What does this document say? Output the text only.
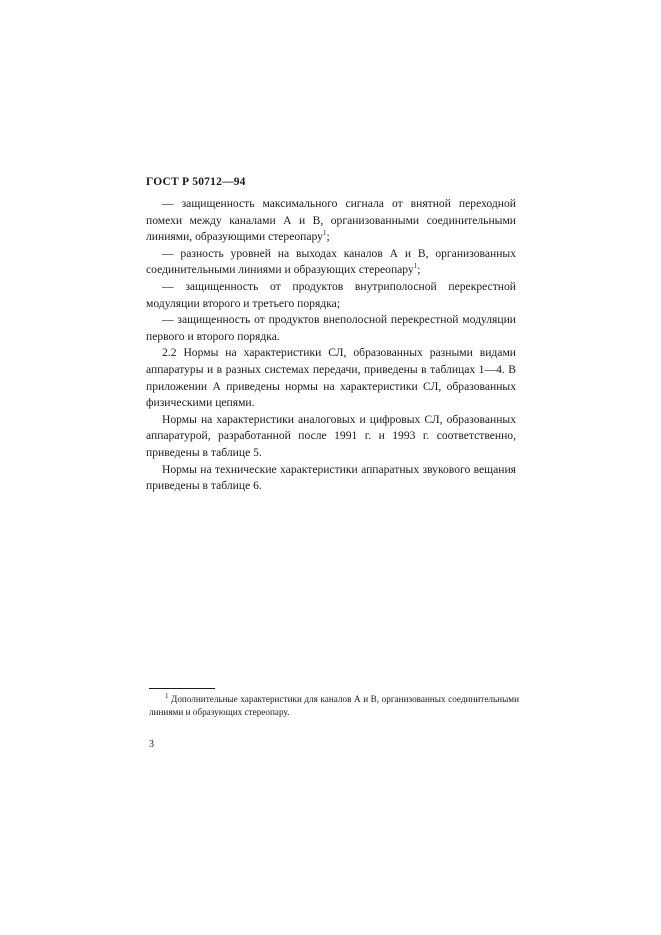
ГОСТ Р 50712—94

— защищенность максимального сигнала от внятной переходной помехи между каналами А и В, организованными соединительными линиями, образующими стереопару$^1$;

— разность уровней на выходах каналов А и В, организованных соединительными линиями и образующих стереопару$^1$;

— защищенность от продуктов внутриполосной перекрестной модуляции второго и третьего порядка;

— защищенность от продуктов внеполосной перекрестной модуляции первого и второго порядка.

2.2 Нормы на характеристики СЛ, образованных разными видами аппаратуры и в разных системах передачи, приведены в таблицах 1—4. В приложении А приведены нормы на характеристики СЛ, образованных физическими цепями.

Нормы на характеристики аналоговых и цифровых СЛ, образованных аппаратурой, разработанной после 1991 г. и 1993 г. соответственно, приведены в таблице 5.

Нормы на технические характеристики аппаратных звукового вещания приведены в таблице 6.

$^1$ Дополнительные характеристики для каналов А и В, организованных соединительными линиями и образующих стереопару.

3
